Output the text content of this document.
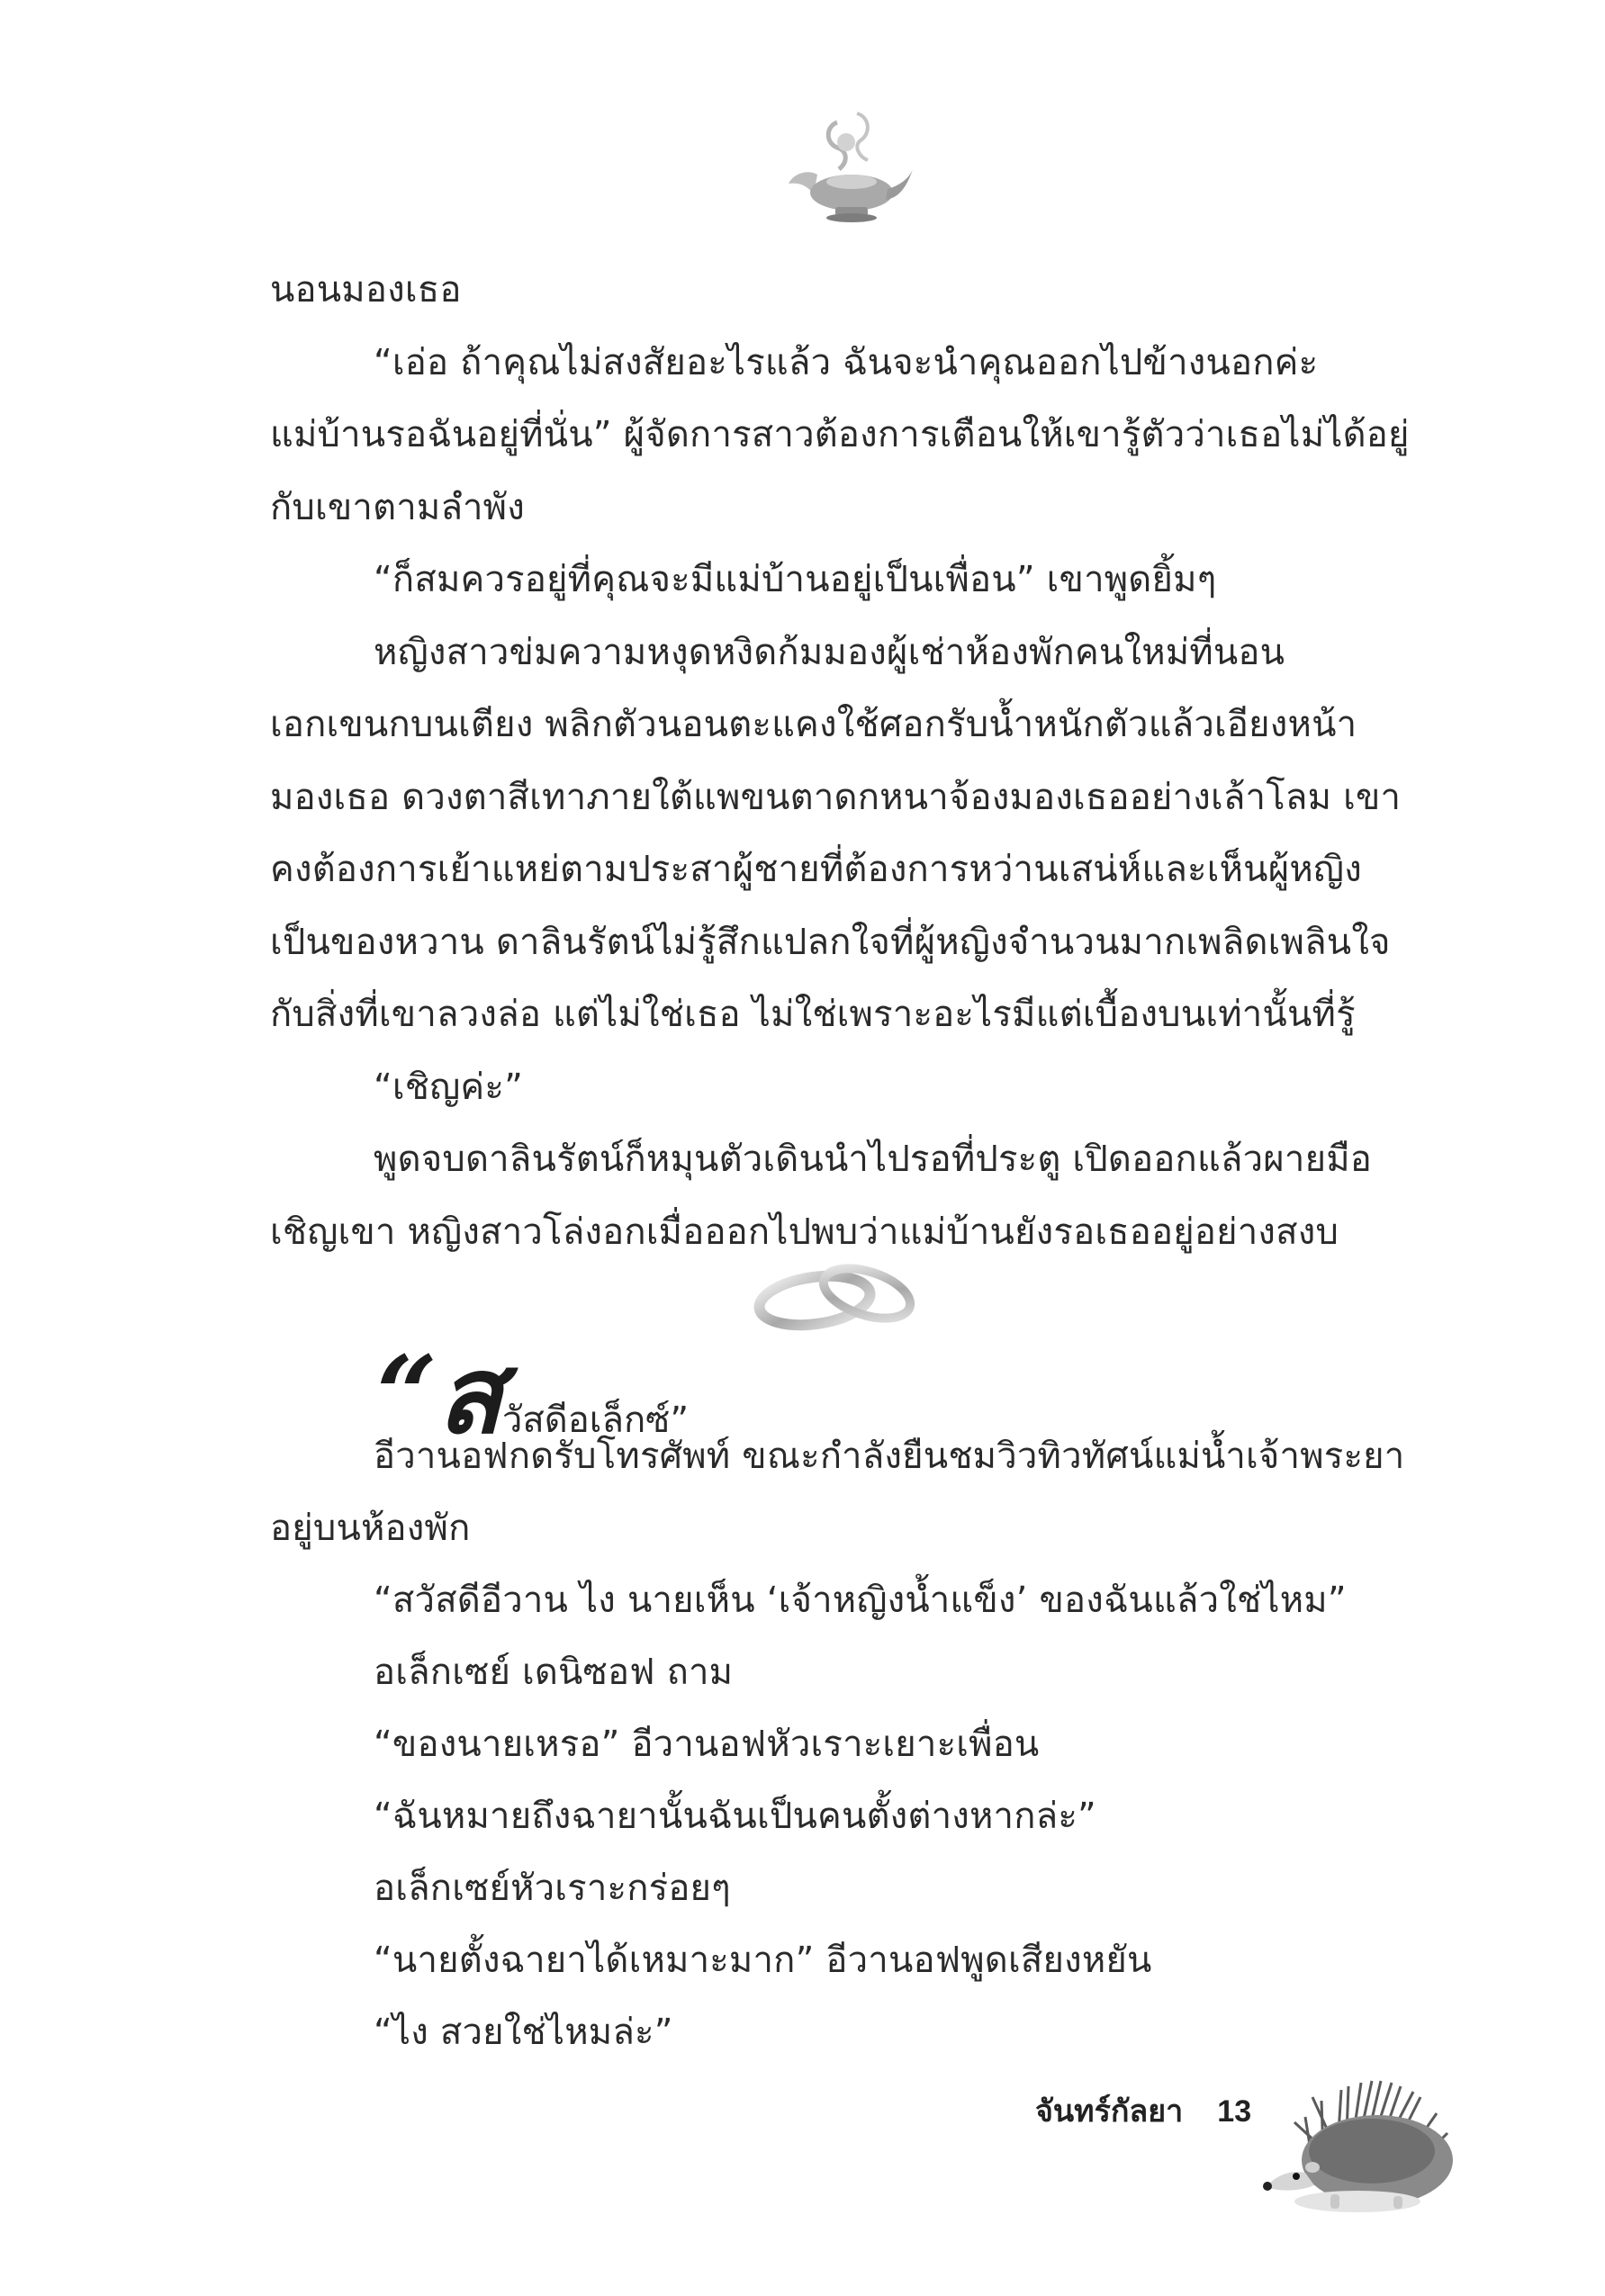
นอนมองเธอ
“เอ่อ ถ้าคุณไม่สงสัยอะไรแล้ว ฉันจะนำคุณออกไปข้างนอกค่ะ
แม่บ้านรอฉันอยู่ที่นั่น” ผู้จัดการสาวต้องการเตือนให้เขารู้ตัวว่าเธอไม่ได้อยู่
กับเขาตามลำพัง
“ก็สมควรอยู่ที่คุณจะมีแม่บ้านอยู่เป็นเพื่อน” เขาพูดยิ้มๆ
หญิงสาวข่มความหงุดหงิดก้มมองผู้เช่าห้องพักคนใหม่ที่นอน
เอกเขนกบนเตียง พลิกตัวนอนตะแคงใช้ศอกรับน้ำหนักตัวแล้วเอียงหน้า
มองเธอ ดวงตาสีเทาภายใต้แพขนตาดกหนาจ้องมองเธออย่างเล้าโลม เขา
คงต้องการเย้าแหย่ตามประสาผู้ชายที่ต้องการหว่านเสน่ห์และเห็นผู้หญิง
เป็นของหวาน ดาลินรัตน์ไม่รู้สึกแปลกใจที่ผู้หญิงจำนวนมากเพลิดเพลินใจ
กับสิ่งที่เขาลวงล่อ แต่ไม่ใช่เธอ ไม่ใช่เพราะอะไรมีแต่เบื้องบนเท่านั้นที่รู้
“เชิญค่ะ”
พูดจบดาลินรัตน์ก็หมุนตัวเดินนำไปรอที่ประตู เปิดออกแล้วผายมือ
เชิญเขา หญิงสาวโล่งอกเมื่อออกไปพบว่าแม่บ้านยังรอเธออยู่อย่างสงบ
“สวัสดีอเล็กซ์”
อีวานอฟกดรับโทรศัพท์ ขณะกำลังยืนชมวิวทิวทัศน์แม่น้ำเจ้าพระยา
อยู่บนห้องพัก
“สวัสดีอีวาน ไง นายเห็น ‘เจ้าหญิงน้ำแข็ง’ ของฉันแล้วใช่ไหม”
อเล็กเซย์ เดนิซอฟ ถาม
“ของนายเหรอ” อีวานอฟหัวเราะเยาะเพื่อน
“ฉันหมายถึงฉายานั้นฉันเป็นคนตั้งต่างหากล่ะ”
อเล็กเซย์หัวเราะกร่อยๆ
“นายตั้งฉายาได้เหมาะมาก” อีวานอฟพูดเสียงหยัน
“ไง สวยใช่ไหมล่ะ”
จันทร์กัลยา 13
